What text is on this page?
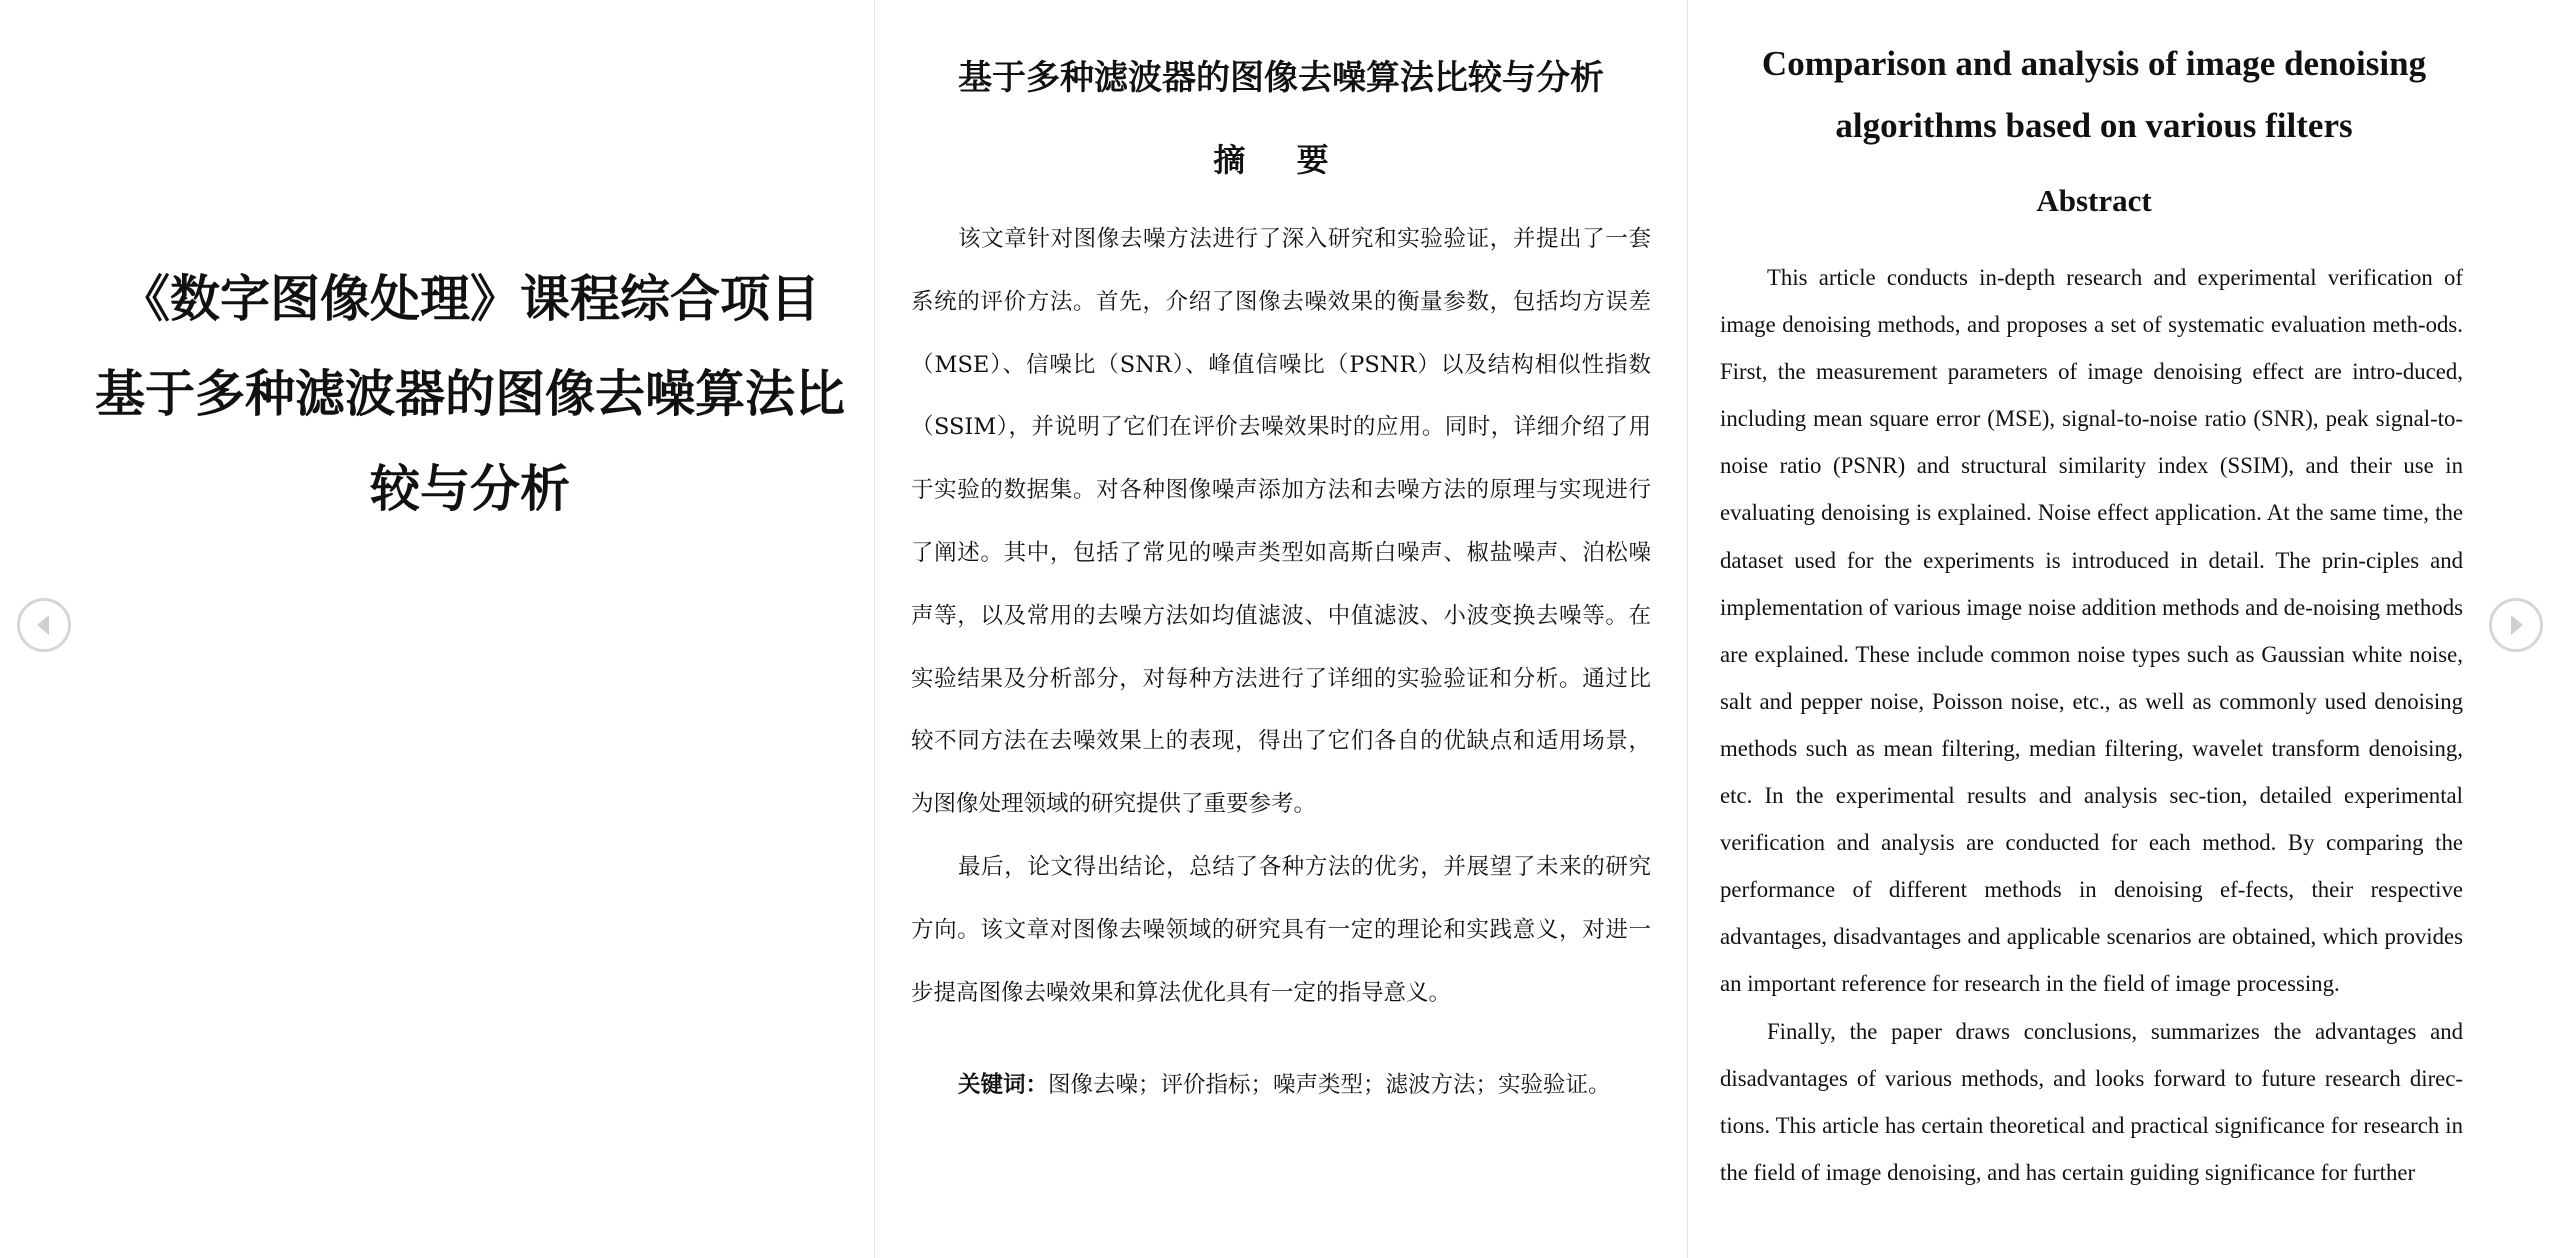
《数字图像处理》课程综合项目
基于多种滤波器的图像去噪算法比
较与分析
基于多种滤波器的图像去噪算法比较与分析
摘 要

该文章针对图像去噪方法进行了深入研究和实验验证，并提出了一套系统的评价方法。首先，介绍了图像去噪效果的衡量参数，包括均方误差（MSE）、信噪比（SNR）、峰值信噪比（PSNR）以及结构相似性指数（SSIM），并说明了它们在评价去噪效果时的应用。同时，详细介绍了用于实验的数据集。对各种图像噪声添加方法和去噪方法的原理与实现进行了阐述。其中，包括了常见的噪声类型如高斯白噪声、椒盐噪声、泊松噪声等，以及常用的去噪方法如均值滤波、中值滤波、小波变换去噪等。在实验结果及分析部分，对每种方法进行了详细的实验验证和分析。通过比较不同方法在去噪效果上的表现，得出了它们各自的优缺点和适用场景，为图像处理领域的研究提供了重要参考。

最后，论文得出结论，总结了各种方法的优劣，并展望了未来的研究方向。该文章对图像去噪领域的研究具有一定的理论和实践意义，对进一步提高图像去噪效果和算法优化具有一定的指导意义。

关键词：图像去噪；评价指标；噪声类型；滤波方法；实验验证。
Comparison and analysis of image denoising
algorithms based on various filters
Abstract

This article conducts in-depth research and experimental verification of image denoising methods, and proposes a set of systematic evaluation meth-ods. First, the measurement parameters of image denoising effect are intro-duced, including mean square error (MSE), signal-to-noise ratio (SNR), peak signal-to-noise ratio (PSNR) and structural similarity index (SSIM), and their use in evaluating denoising is explained. Noise effect application. At the same time, the dataset used for the experiments is introduced in detail. The prin-ciples and implementation of various image noise addition methods and de-noising methods are explained. These include common noise types such as Gaussian white noise, salt and pepper noise, Poisson noise, etc., as well as commonly used denoising methods such as mean filtering, median filtering, wavelet transform denoising, etc. In the experimental results and analysis sec-tion, detailed experimental verification and analysis are conducted for each method. By comparing the performance of different methods in denoising ef-fects, their respective advantages, disadvantages and applicable scenarios are obtained, which provides an important reference for research in the field of image processing.

Finally, the paper draws conclusions, summarizes the advantages and disadvantages of various methods, and looks forward to future research direc-tions. This article has certain theoretical and practical significance for research in the field of image denoising, and has certain guiding significance for further
